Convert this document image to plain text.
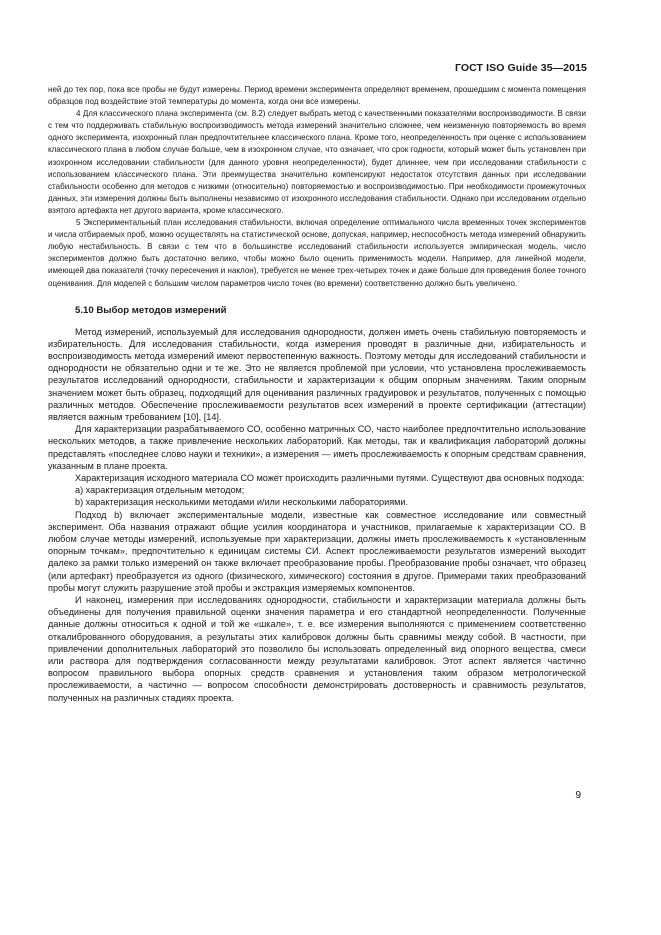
ГОСТ ISO Guide 35—2015

ней до тех пор, пока все пробы не будут измерены. Период времени эксперимента определяют временем, прошедшим с момента помещения образцов под воздействие этой температуры до момента, когда они все измерены.

4 Для классического плана эксперимента (см. 8.2) следует выбрать метод с качественными показателями воспроизводимости. В связи с тем что поддерживать стабильную воспроизводимость метода измерений значительно сложнее, чем неизменную повторяемость во время одного эксперимента, изохронный план предпочтительнее классического плана. Кроме того, неопределенность при оценке с использованием классического плана в любом случае больше, чем в изохронном случае, что означает, что срок годности, который может быть установлен при изохронном исследовании стабильности (для данного уровня неопределенности), будет длиннее, чем при исследовании стабильности с использованием классического плана. Эти преимущества значительно компенсируют недостаток отсутствия данных при исследовании стабильности особенно для методов с низкими (относительно) повторяемостью и воспроизводимостью. При необходимости промежуточных данных, эти измерения должны быть выполнены независимо от изохронного исследования стабильности. Однако при исследовании отдельно взятого артефакта нет другого варианта, кроме классического.

5 Экспериментальный план исследования стабильности, включая определение оптимального числа временных точек экспериментов и числа отбираемых проб, можно осуществлять на статистической основе, допуская, например, неспособность метода измерений обнаружить любую нестабильность. В связи с тем что в большинстве исследований стабильности используется эмпирическая модель, число экспериментов должно быть достаточно велико, чтобы можно было оценить применимость модели. Например, для линейной модели, имеющей два показателя (точку пересечения и наклон), требуется не менее трех-четырех точек и даже больше для проведения более точного оценивания. Для моделей с большим числом параметров число точек (во времени) соответственно должно быть увеличено.

5.10 Выбор методов измерений

Метод измерений, используемый для исследования однородности, должен иметь очень стабильную повторяемость и избирательность. Для исследования стабильности, когда измерения проводят в различные дни, избирательность и воспроизводимость метода измерений имеют первостепенную важность. Поэтому методы для исследований стабильности и однородности не обязательно одни и те же. Это не является проблемой при условии, что установлена прослеживаемость результатов исследований однородности, стабильности и характеризации к общим опорным значениям. Таким опорным значением может быть образец, подходящий для оценивания различных градуировок и результатов, полученных с помощью различных методов. Обеспечение прослеживаемости результатов всех измерений в проекте сертификации (аттестации) является важным требованием [10], [14].

Для характеризации разрабатываемого СО, особенно матричных СО, часто наиболее предпочтительно использование нескольких методов, а также привлечение нескольких лабораторий. Как методы, так и квалификация лабораторий должны представлять «последнее слово науки и техники», а измерения — иметь прослеживаемость к опорным средствам сравнения, указанным в плане проекта.

Характеризация исходного материала СО может происходить различными путями. Существуют два основных подхода:

a) характеризация отдельным методом;

b) характеризация несколькими методами и/или несколькими лабораториями.

Подход b) включает экспериментальные модели, известные как совместное исследование или совместный эксперимент. Оба названия отражают общие усилия координатора и участников, прилагаемые к характеризации СО. В любом случае методы измерений, используемые при характеризации, должны иметь прослеживаемость к «установленным опорным точкам», предпочтительно к единицам системы СИ. Аспект прослеживаемости результатов измерений выходит далеко за рамки только измерений он также включает преобразование пробы. Преобразование пробы означает, что образец (или артефакт) преобразуется из одного (физического, химического) состояния в другое. Примерами таких преобразований пробы могут служить разрушение этой пробы и экстракция измеряемых компонентов.

И наконец, измерения при исследованиях однородности, стабильности и характеризации материала должны быть объединены для получения правильной оценки значения параметра и его стандартной неопределенности. Полученные данные должны относиться к одной и той же «шкале», т. е. все измерения выполняются с применением соответственно откалиброванного оборудования, а результаты этих калибровок должны быть сравнимы между собой. В частности, при привлечении дополнительных лабораторий это позволило бы использовать определенный вид опорного вещества, смеси или раствора для подтверждения согласованности между результатами калибровок. Этот аспект является частично вопросом правильного выбора опорных средств сравнения и установления таким образом метрологической прослеживаемости, а частично — вопросом способности демонстрировать достоверность и сравнимость результатов, полученных на различных стадиях проекта.

9
